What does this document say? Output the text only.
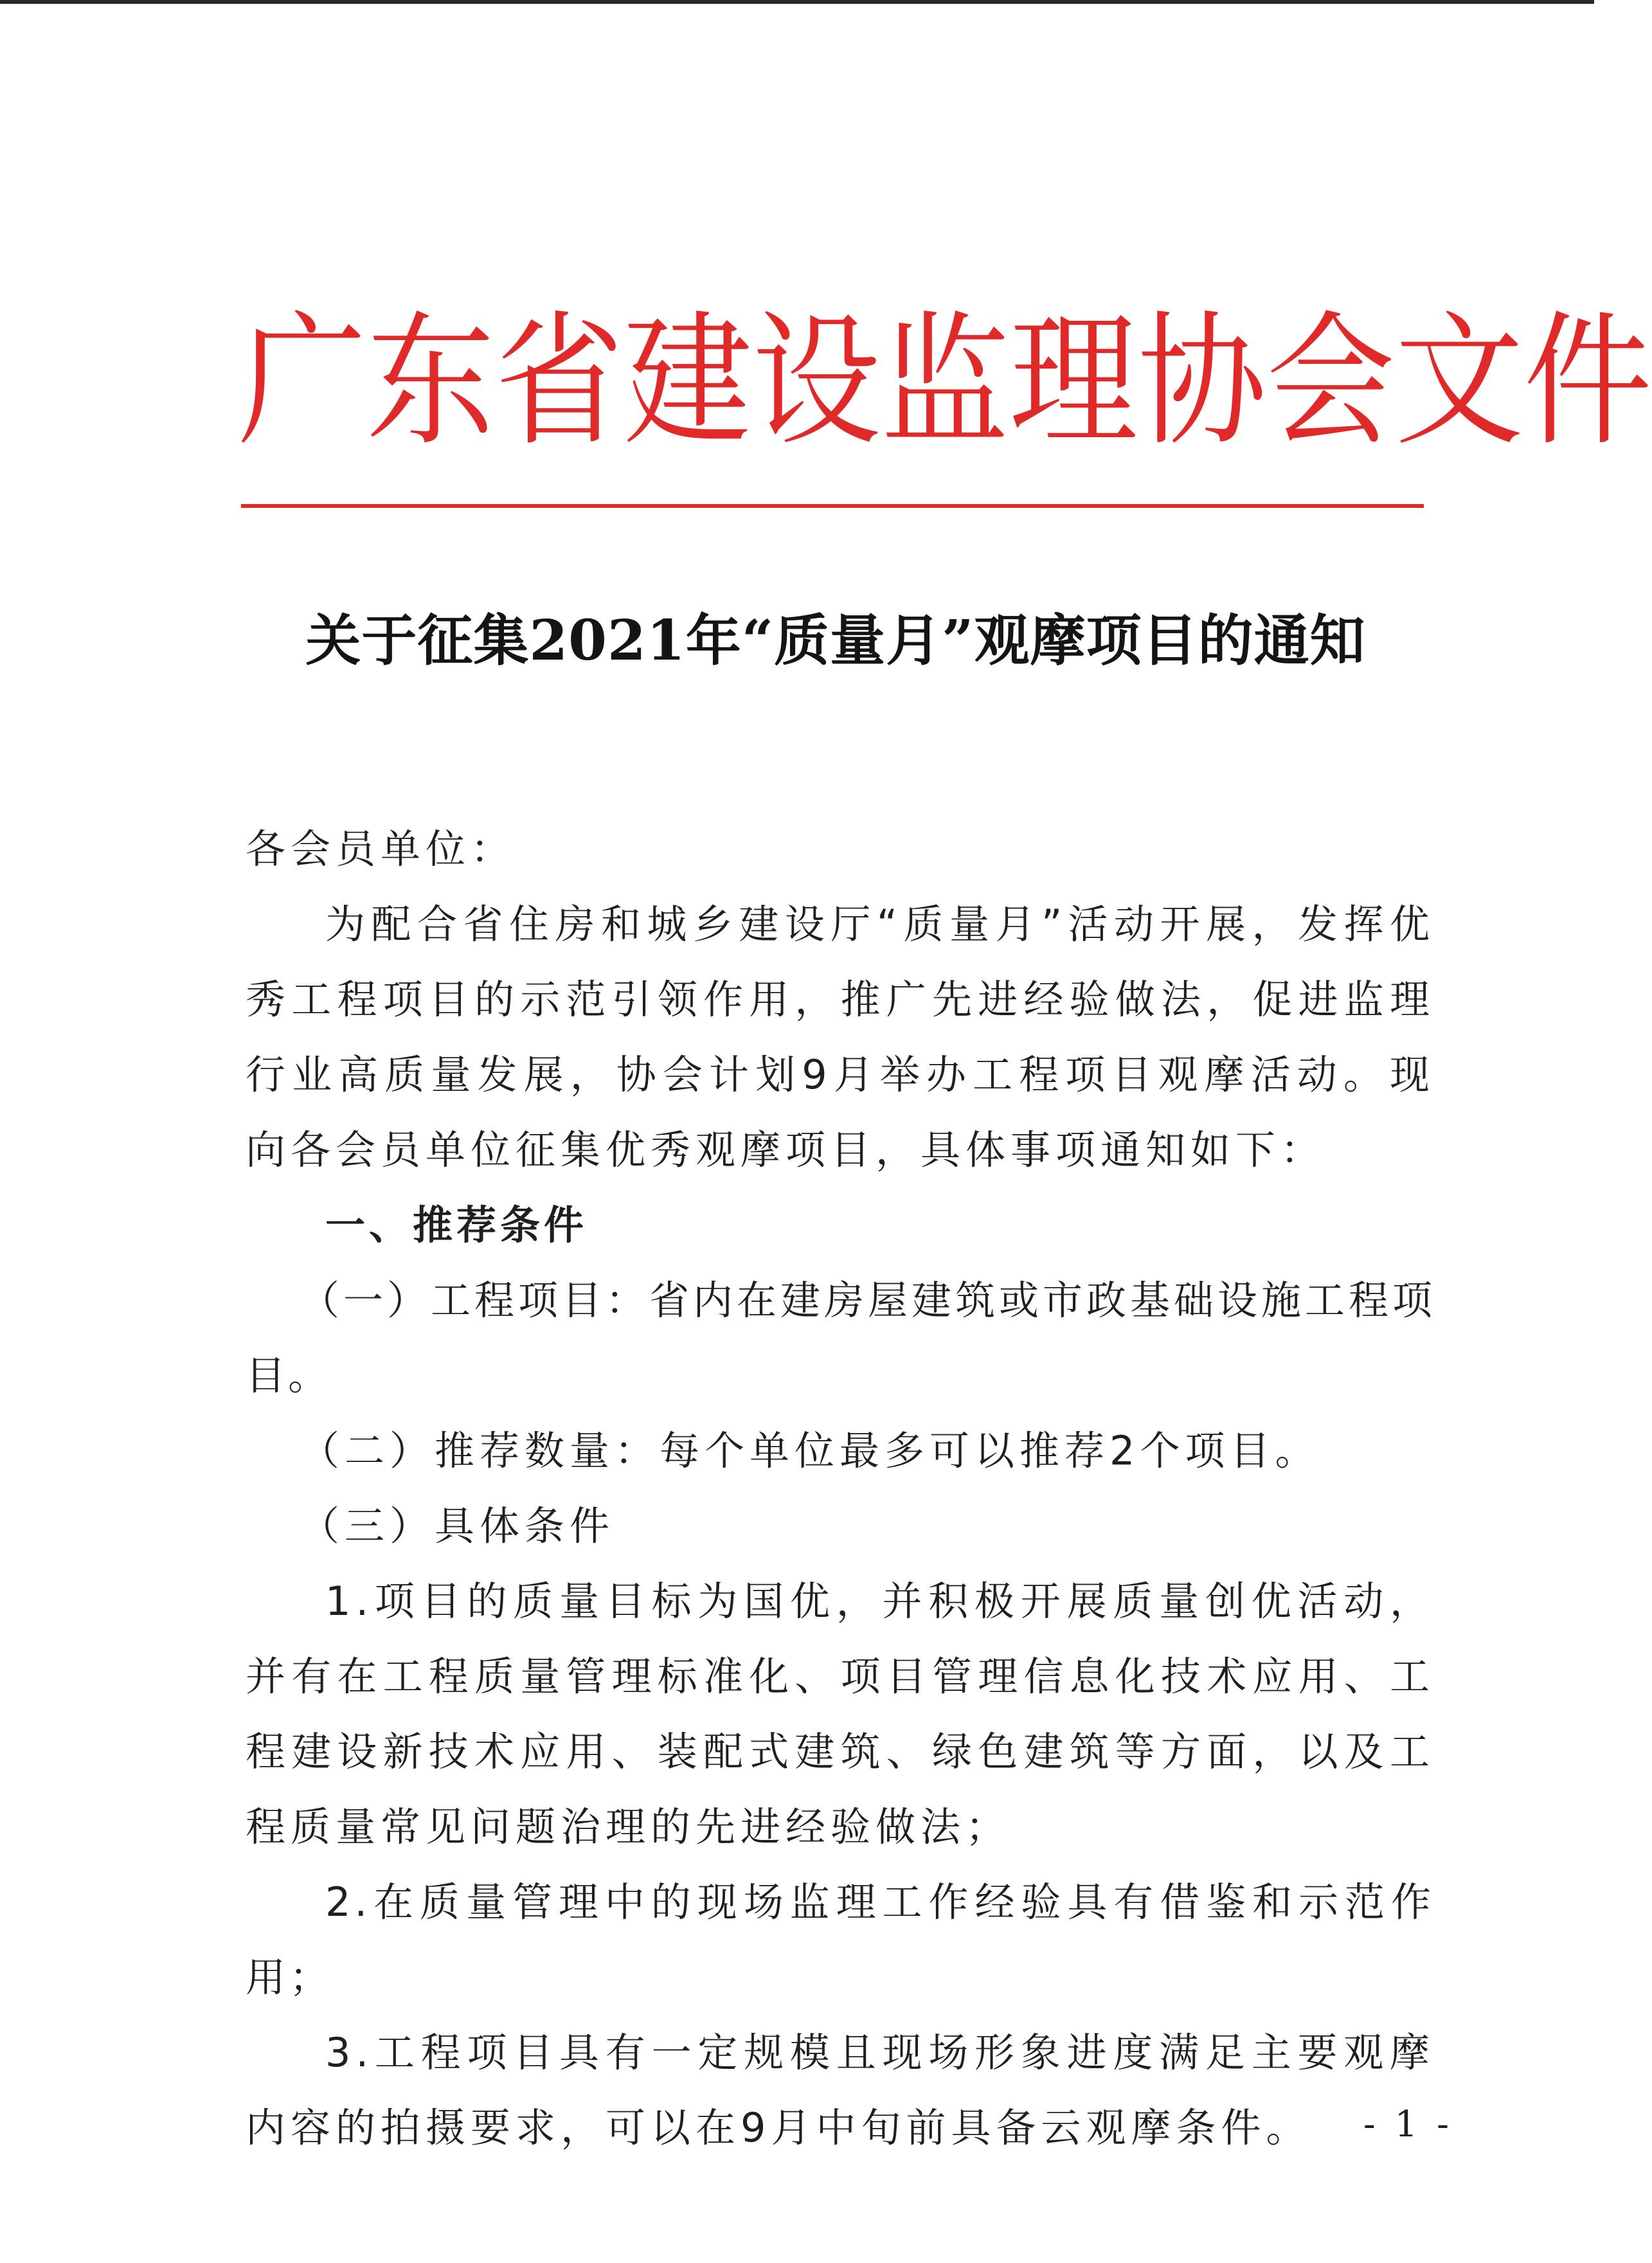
广 东 省 建 设 监 理 协 会 文 件
关于征集2021年“质量月”观摩项目的通知

各会员单位：

为配合省住房和城乡建设厅“质量月”活动开展，发挥优秀工程项目的示范引领作用，推广先进经验做法，促进监理行业高质量发展，协会计划9月举办工程项目观摩活动。现向各会员单位征集优秀观摩项目，具体事项通知如下：

一、推荐条件

（一）工程项目：省内在建房屋建筑或市政基础设施工程项目。

（二）推荐数量：每个单位最多可以推荐2个项目。

（三）具体条件

1.项目的质量目标为国优，并积极开展质量创优活动，并有在工程质量管理标准化、项目管理信息化技术应用、工程建设新技术应用、装配式建筑、绿色建筑等方面，以及工程质量常见问题治理的先进经验做法；

2.在质量管理中的现场监理工作经验具有借鉴和示范作用；

3.工程项目具有一定规模且现场形象进度满足主要观摩内容的拍摄要求，可以在9月中旬前具备云观摩条件。	- 1 -
